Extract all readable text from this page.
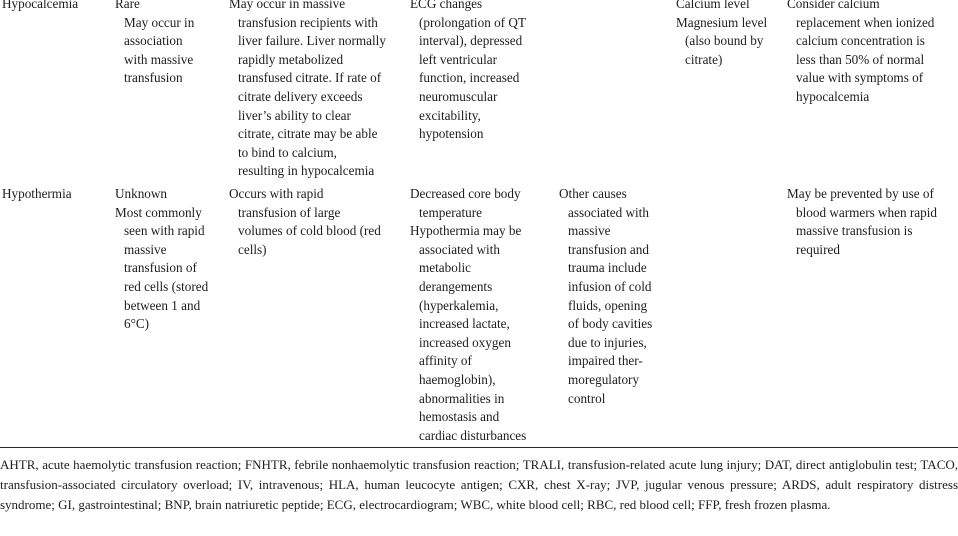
Hypocalcemia	Rare
May occur in
association
with massive
transfusion
May occur in massive
transfusion recipients with
liver failure. Liver normally
rapidly metabolized
transfused citrate. If rate of
citrate delivery exceeds
liver’s ability to clear
citrate, citrate may be able
to bind to calcium,
resulting in hypocalcemia
ECG changes
(prolongation of QT
interval), depressed
left ventricular
function, increased
neuromuscular
excitability,
hypotension
Calcium level
Magnesium level
(also bound by
citrate)
Consider calcium
replacement when ionized
calcium concentration is
less than 50% of normal
value with symptoms of
hypocalcemia
Hypothermia	Unknown
Most commonly
seen with rapid
massive
transfusion of
red cells (stored
between 1 and
6°C)
Occurs with rapid
transfusion of large
volumes of cold blood (red
cells)
Decreased core body
temperature
Hypothermia may be
associated with
metabolic
derangements
(hyperkalemia,
increased lactate,
increased oxygen
affinity of
haemoglobin),
abnormalities in
hemostasis and
cardiac disturbances
Other causes
associated with
massive
transfusion and
trauma include
infusion of cold
fluids, opening
of body cavities
due to injuries,
impaired ther-
moregulatory
control
May be prevented by use of
blood warmers when rapid
massive transfusion is
required
AHTR, acute haemolytic transfusion reaction; FNHTR, febrile nonhaemolytic transfusion reaction; TRALI, transfusion-related acute lung injury; DAT, direct antiglobulin test; TACO, transfusion-associated circulatory overload; IV, intravenous; HLA, human leucocyte antigen; CXR, chest X-ray; JVP, jugular venous pressure; ARDS, adult respiratory distress syndrome; GI, gastrointestinal; BNP, brain natriuretic peptide; ECG, electrocardiogram; WBC, white blood cell; RBC, red blood cell; FFP, fresh frozen plasma.
